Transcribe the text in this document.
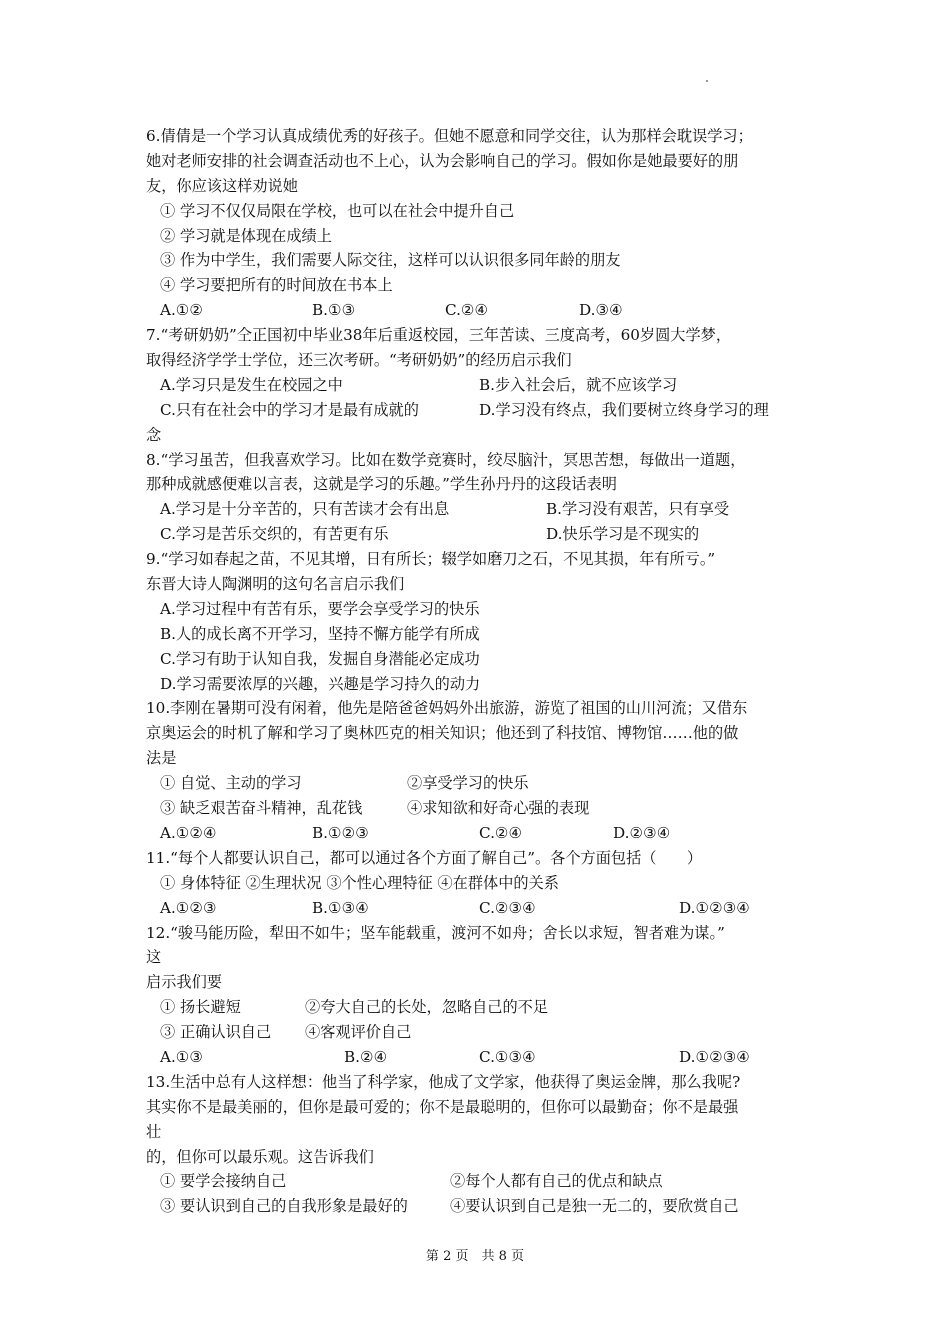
6.倩倩是一个学习认真成绩优秀的好孩子。但她不愿意和同学交往，认为那样会耽误学习；
她对老师安排的社会调查活动也不上心，认为会影响自己的学习。假如你是她最要好的朋
友，你应该这样劝说她
① 学习不仅仅局限在学校，也可以在社会中提升自己
② 学习就是体现在成绩上
③ 作为中学生，我们需要人际交往，这样可以认识很多同年龄的朋友
④ 学习要把所有的时间放在书本上
A.①②	B.①③	C.②④	D.③④
7.“考研奶奶”仝正国初中毕业38年后重返校园，三年苦读、三度高考，60岁圆大学梦，
取得经济学学士学位，还三次考研。“考研奶奶”的经历启示我们
A.学习只是发生在校园之中	B.步入社会后，就不应该学习
C.只有在社会中的学习才是最有成就的	D.学习没有终点，我们要树立终身学习的理
念
8.“学习虽苦，但我喜欢学习。比如在数学竞赛时，绞尽脑汁，冥思苦想，每做出一道题，
那种成就感便难以言表，这就是学习的乐趣。”学生孙丹丹的这段话表明
A.学习是十分辛苦的，只有苦读才会有出息	B.学习没有艰苦，只有享受
C.学习是苦乐交织的，有苦更有乐	D.快乐学习是不现实的
9.“学习如春起之苗，不见其增，日有所长；辍学如磨刀之石，不见其损，年有所亏。”
东晋大诗人陶渊明的这句名言启示我们
A.学习过程中有苦有乐，要学会享受学习的快乐
B.人的成长离不开学习，坚持不懈方能学有所成
C.学习有助于认知自我，发掘自身潜能必定成功
D.学习需要浓厚的兴趣，兴趣是学习持久的动力
10.李刚在暑期可没有闲着，他先是陪爸爸妈妈外出旅游，游览了祖国的山川河流；又借东
京奥运会的时机了解和学习了奥林匹克的相关知识；他还到了科技馆、博物馆……他的做
法是
① 自觉、主动的学习	②享受学习的快乐
③ 缺乏艰苦奋斗精神，乱花钱	④求知欲和好奇心强的表现
A.①②④	B.①②③	C.②④	D.②③④
11.“每个人都要认识自己，都可以通过各个方面了解自己”。各个方面包括（　　）
① 身体特征 ②生理状况 ③个性心理特征 ④在群体中的关系
A.①②③	B.①③④	C.②③④	D.①②③④
12.“骏马能历险，犁田不如牛；坚车能载重，渡河不如舟；舍长以求短，智者难为谋。”
这
启示我们要
① 扬长避短	②夸大自己的长处，忽略自己的不足
③ 正确认识自己	④客观评价自己
A.①③	B.②④	C.①③④	D.①②③④
13.生活中总有人这样想：他当了科学家，他成了文学家，他获得了奥运金牌，那么我呢?
其实你不是最美丽的，但你是最可爱的；你不是最聪明的，但你可以最勤奋；你不是最强
壮
的，但你可以最乐观。这告诉我们
① 要学会接纳自己	②每个人都有自己的优点和缺点
③ 要认识到自己的自我形象是最好的	④要认识到自己是独一无二的，要欣赏自己
第 2 页　共 8 页
